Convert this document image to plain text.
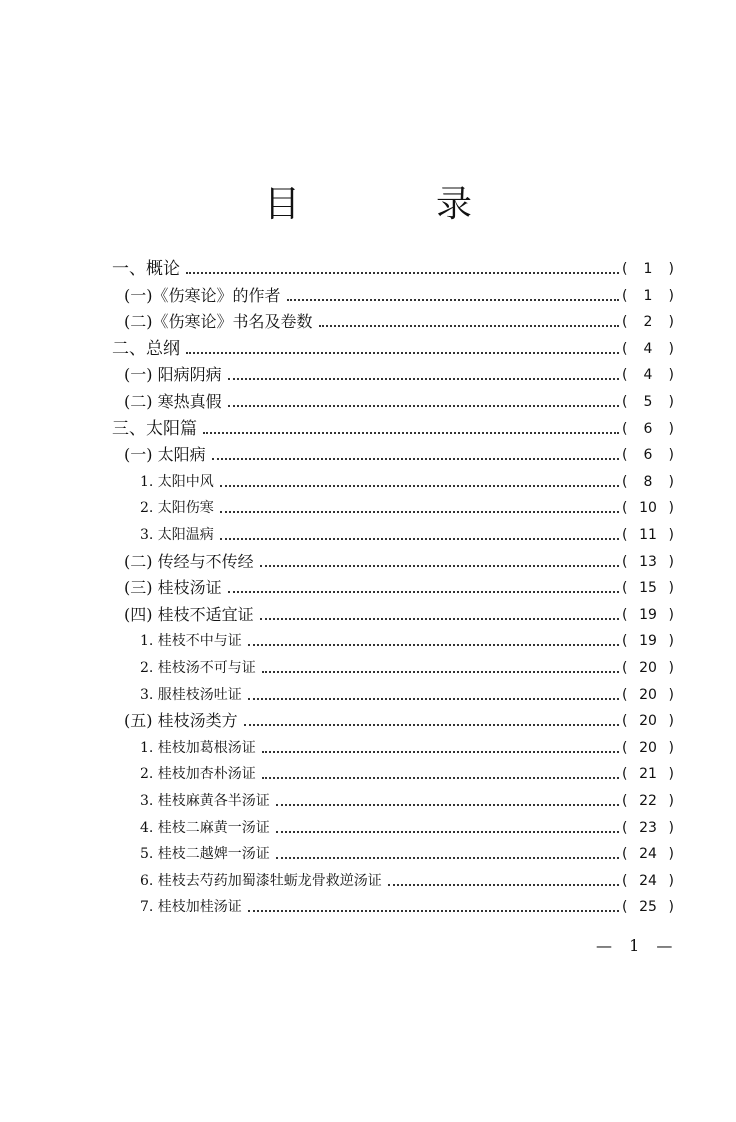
目　录
一、概论	( 1 )
(一)《伤寒论》的作者	( 1 )
(二)《伤寒论》书名及卷数	( 2 )
二、总纲	( 4 )
(一) 阳病阴病	( 4 )
(二) 寒热真假	( 5 )
三、太阳篇	( 6 )
(一) 太阳病	( 6 )
1. 太阳中风	( 8 )
2. 太阳伤寒	( 10 )
3. 太阳温病	( 11 )
(二) 传经与不传经	( 13 )
(三) 桂枝汤证	( 15 )
(四) 桂枝不适宜证	( 19 )
1. 桂枝不中与证	( 19 )
2. 桂枝汤不可与证	( 20 )
3. 服桂枝汤吐证	( 20 )
(五) 桂枝汤类方	( 20 )
1. 桂枝加葛根汤证	( 20 )
2. 桂枝加杏朴汤证	( 21 )
3. 桂枝麻黄各半汤证	( 22 )
4. 桂枝二麻黄一汤证	( 23 )
5. 桂枝二越婢一汤证	( 24 )
6. 桂枝去芍药加蜀漆牡蛎龙骨救逆汤证	( 24 )
7. 桂枝加桂汤证	( 25 )
— 1 —
